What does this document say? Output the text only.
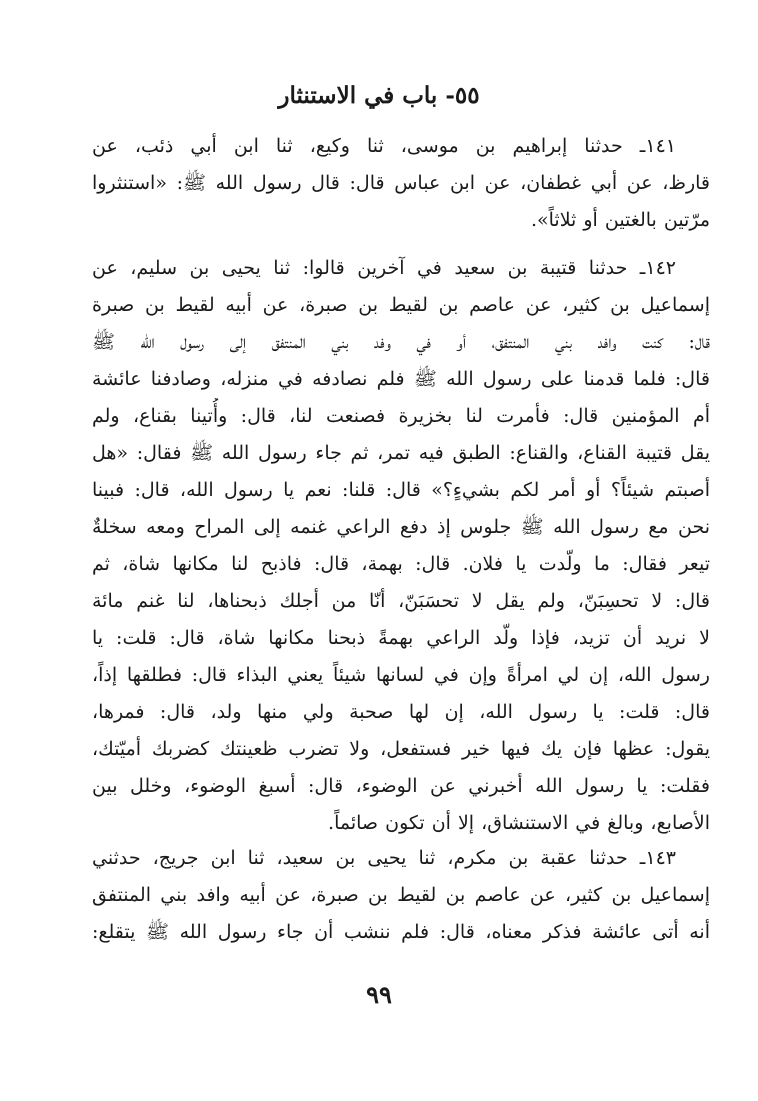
٥٥- باب في الاستنثار
١٤١ـ حدثنا إبراهيم بن موسى، ثنا وكيع، ثنا ابن أبي ذئب، عن
قارظ، عن أبي غطفان، عن ابن عباس قال: قال رسول الله ﷺ: «استنثروا
مرّتين بالغتين أو ثلاثاً».
١٤٢ـ حدثنا قتيبة بن سعيد في آخرين قالوا: ثنا يحيى بن سليم، عن
إسماعيل بن كثير، عن عاصم بن لقيط بن صبرة، عن أبيه لقيط بن صبرة
قال: كنت وافد بني المنتفق، أو في وفد بني المنتفق إلى رسول الله ﷺ
قال: فلما قدمنا على رسول الله ﷺ فلم نصادفه في منزله، وصادفنا عائشة
أم المؤمنين قال: فأمرت لنا بخزيرة فصنعت لنا، قال: وأُتينا بقناع، ولم
يقل قتيبة القناع، والقناع: الطبق فيه تمر، ثم جاء رسول الله ﷺ فقال: «هل
أصبتم شيئاً؟ أو أمر لكم بشيءٍ؟» قال: قلنا: نعم يا رسول الله، قال: فبينا
نحن مع رسول الله ﷺ جلوس إذ دفع الراعي غنمه إلى المراح ومعه سخلةٌ
تيعر فقال: ما ولّدت يا فلان. قال: بهمة، قال: فاذبح لنا مكانها شاة، ثم
قال: لا تحسِبَنّ، ولم يقل لا تحسَبَنّ، أنّا من أجلك ذبحناها، لنا غنم مائة
لا نريد أن تزيد، فإذا ولّد الراعي بهمةً ذبحنا مكانها شاة، قال: قلت: يا
رسول الله، إن لي امرأةً وإن في لسانها شيئاً يعني البذاء قال: فطلقها إذاً،
قال: قلت: يا رسول الله، إن لها صحبة ولي منها ولد، قال: فمرها،
يقول: عظها فإن يك فيها خير فستفعل، ولا تضرب ظعينتك كضربك أميّتك،
فقلت: يا رسول الله أخبرني عن الوضوء، قال: أسبغ الوضوء، وخلل بين
الأصابع، وبالغ في الاستنشاق، إلا أن تكون صائماً.
١٤٣ـ حدثنا عقبة بن مكرم، ثنا يحيى بن سعيد، ثنا ابن جريج، حدثني
إسماعيل بن كثير، عن عاصم بن لقيط بن صبرة، عن أبيه وافد بني المنتفق
أنه أتى عائشة فذكر معناه، قال: فلم ننشب أن جاء رسول الله ﷺ يتقلع:
٩٩
